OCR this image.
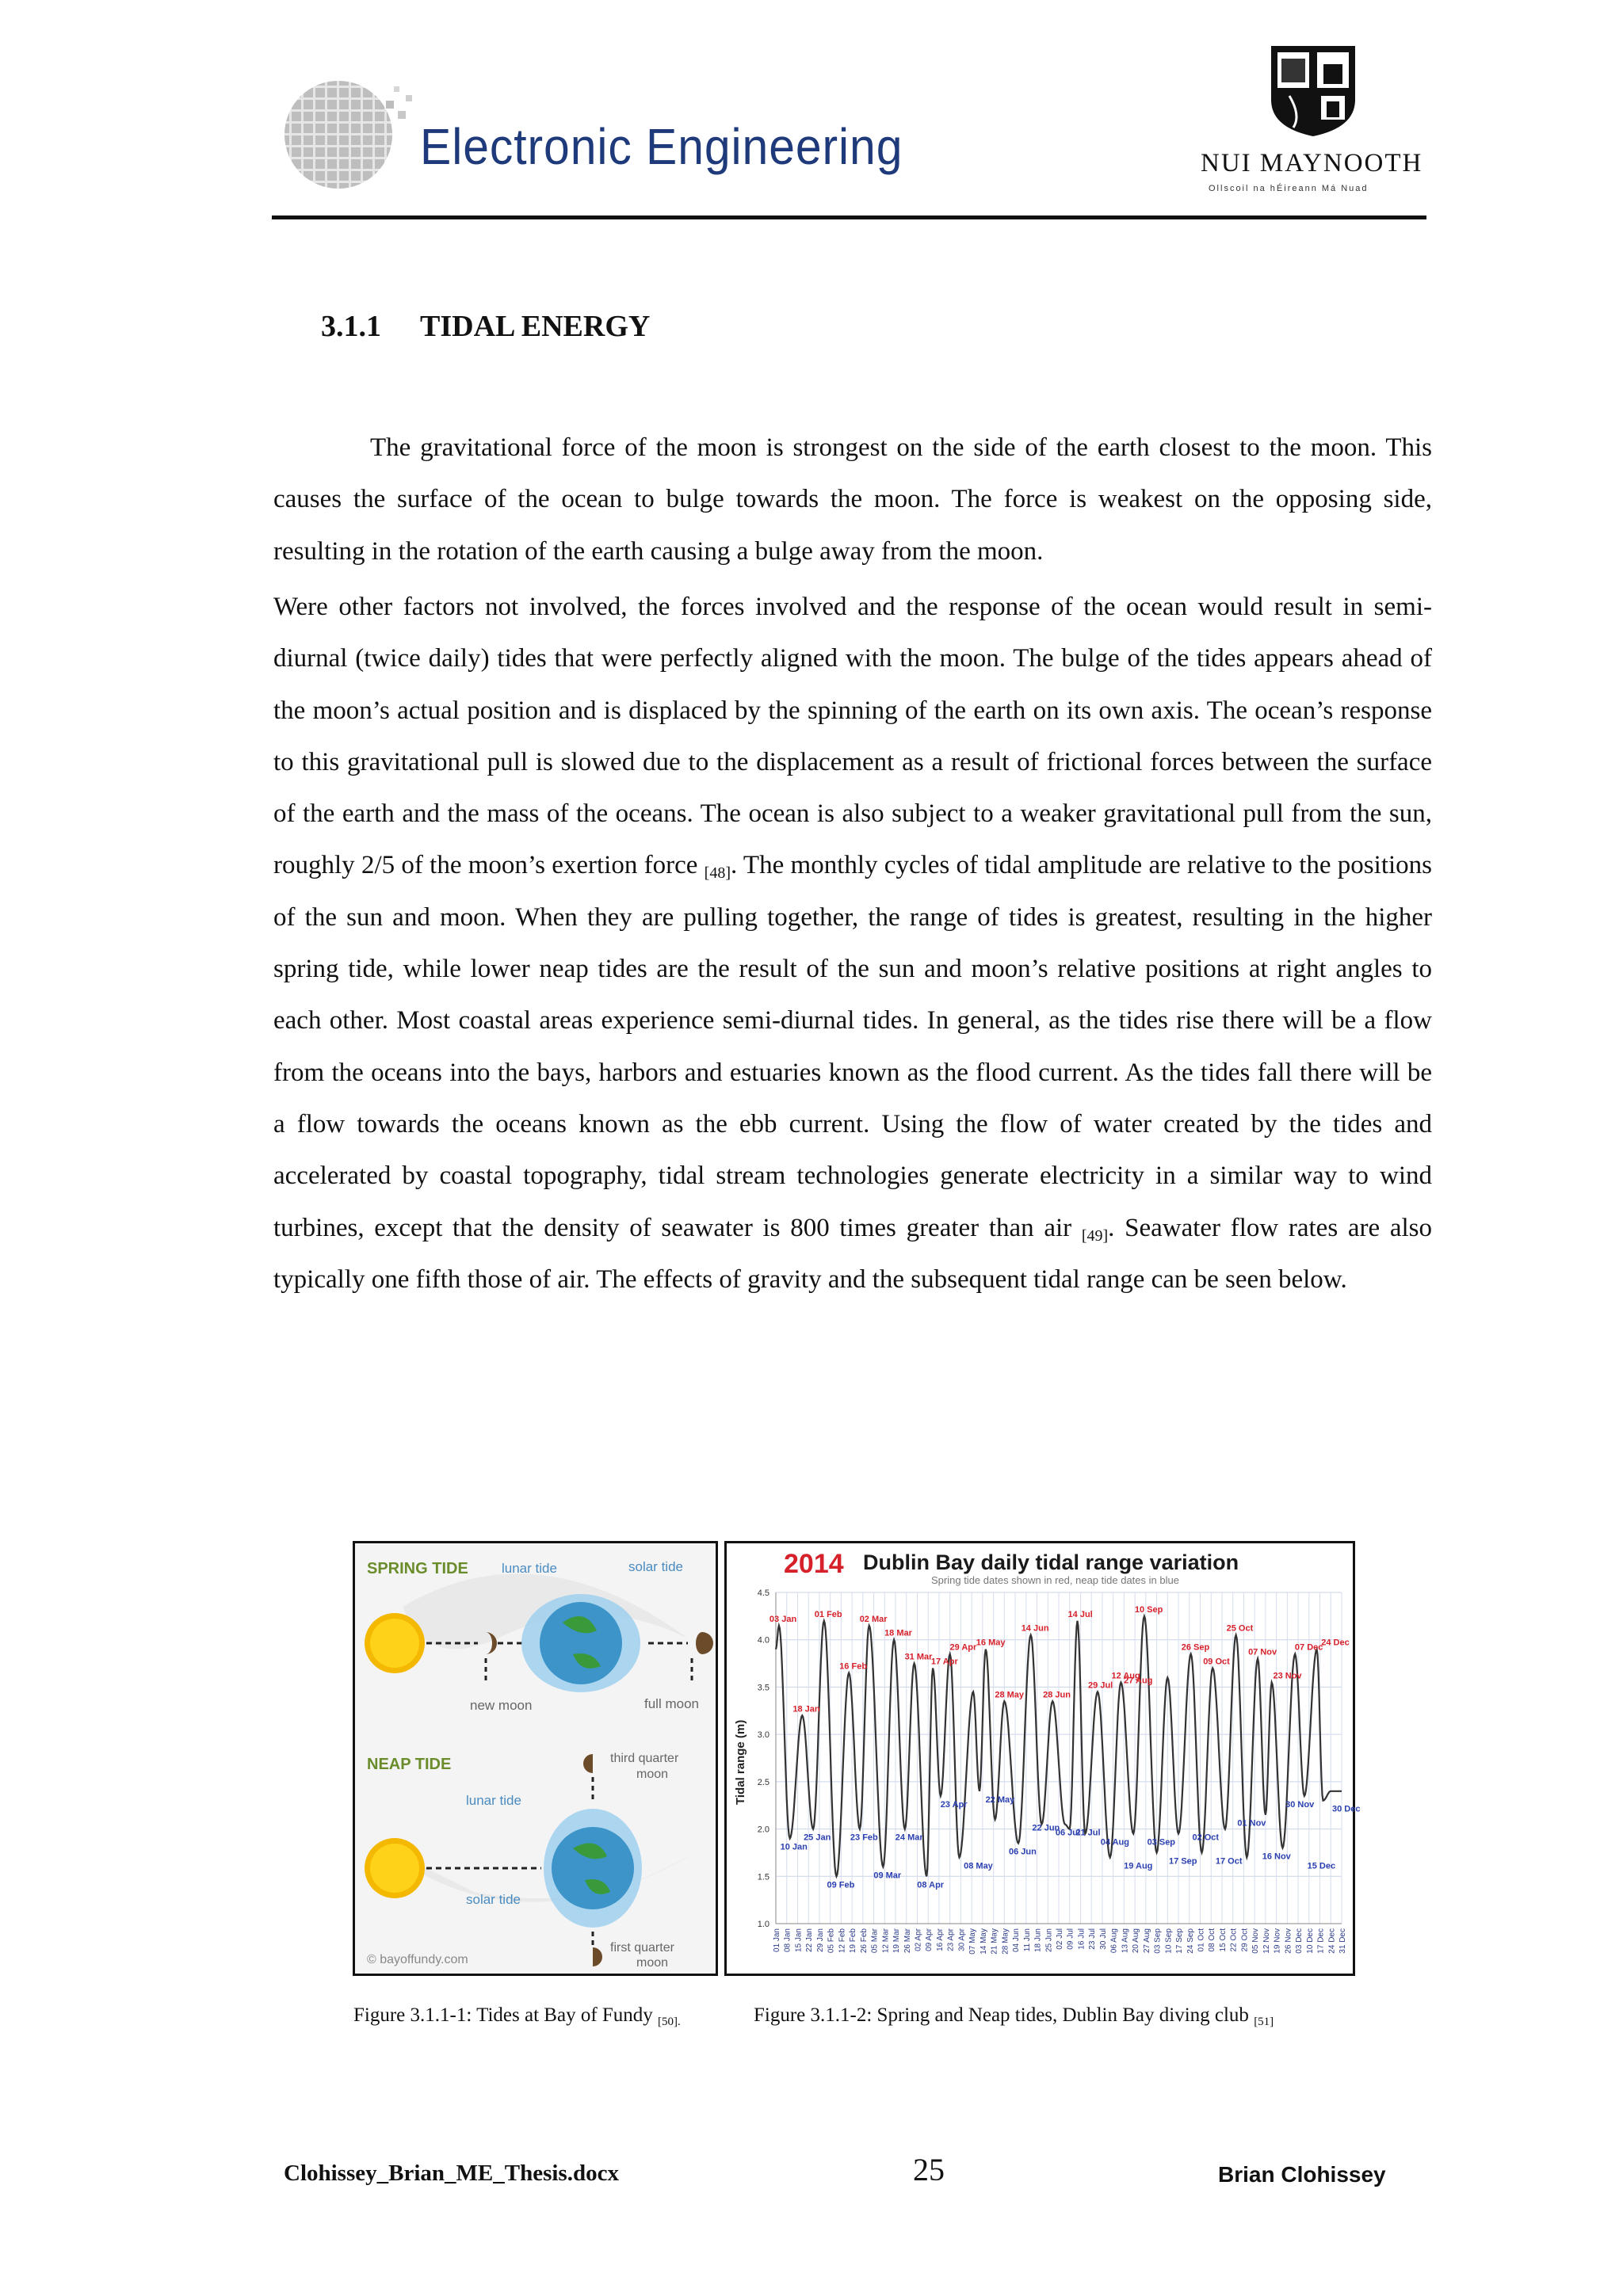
Electronic Engineering	NUI MAYNOOTH
Ollscoil na hÉireann Má Nuad
3.1.1 TIDAL ENERGY

The gravitational force of the moon is strongest on the side of the earth closest to the moon. This causes the surface of the ocean to bulge towards the moon. The force is weakest on the opposing side, resulting in the rotation of the earth causing a bulge away from the moon.

Were other factors not involved, the forces involved and the response of the ocean would result in semi-diurnal (twice daily) tides that were perfectly aligned with the moon. The bulge of the tides appears ahead of the moon’s actual position and is displaced by the spinning of the earth on its own axis. The ocean’s response to this gravitational pull is slowed due to the displacement as a result of frictional forces between the surface of the earth and the mass of the oceans. The ocean is also subject to a weaker gravitational pull from the sun, roughly 2/5 of the moon’s exertion force $_{[48]}$. The monthly cycles of tidal amplitude are relative to the positions of the sun and moon. When they are pulling together, the range of tides is greatest, resulting in the higher spring tide, while lower neap tides are the result of the sun and moon’s relative positions at right angles to each other. Most coastal areas experience semi-diurnal tides. In general, as the tides rise there will be a flow from the oceans into the bays, harbors and estuaries known as the flood current. As the tides fall there will be a flow towards the oceans known as the ebb current. Using the flow of water created by the tides and accelerated by coastal topography, tidal stream technologies generate electricity in a similar way to wind turbines, except that the density of seawater is 800 times greater than air $_{[49]}$. Seawater flow rates are also typically one fifth those of air. The effects of gravity and the subsequent tidal range can be seen below.

SPRING TIDE lunar tide	solar tide
new moon	full moon
NEAP TIDE	third quarter
moon
lunar tide
solar tide
first quarter
moon
© bayoffundy.com
2014 Dublin Bay daily tidal range variation
Spring tide dates shown in red, neap tide dates in blue
Tidal range (m)
1.0
1.5
2.0
2.5
3.0
3.5
4.0
4.5
01 Jan 08 Jan 15 Jan 22 Jan 29 Jan 05 Feb 12 Feb 19 Feb 26 Feb 05 Mar 12 Mar 19 Mar 26 Mar 02 Apr 09 Apr 16 Apr 23 Apr 30 Apr 07 May 14 May 21 May 28 May 04 Jun 11 Jun 18 Jun 25 Jun 02 Jul 09 Jul 16 Jul 23 Jul 30 Jul 06 Aug 13 Aug 20 Aug 27 Aug 03 Sep 10 Sep 17 Sep 24 Sep 01 Oct 08 Oct 15 Oct 22 Oct 29 Oct 05 Nov 12 Nov 19 Nov 26 Nov 03 Dec 10 Dec 17 Dec 24 Dec 31 Dec
03 Jan 01 Feb 02 Mar
31 Mar
29 Apr
17 Apr
16 May
18 Mar
18 Jan
16 Feb
28 May
14 Jun
28 Jun
14 Jul
29 Jul
12 Aug
10 Sep
27 Aug
26 Sep
09 Oct
25 Oct
07 Nov
23 Nov
07 Dec
24 Dec
10 Jan
25 Jan
09 Feb
23 Feb
09 Mar
24 Mar
08 Apr
23 Apr
08 May
22 May
06 Jun
22 Jun
06 Jul
21 Jul
04 Aug
19 Aug
03 Sep
17 Sep
02 Oct
17 Oct
01 Nov
16 Nov
30 Nov
15 Dec
30 Dec
Figure 3.1.1-1: Tides at Bay of Fundy $_{[50].}$	Figure 3.1.1-2: Spring and Neap tides, Dublin Bay diving club $_{[51]}$
Clohissey_Brian_ME_Thesis.docx	25	Brian Clohissey
